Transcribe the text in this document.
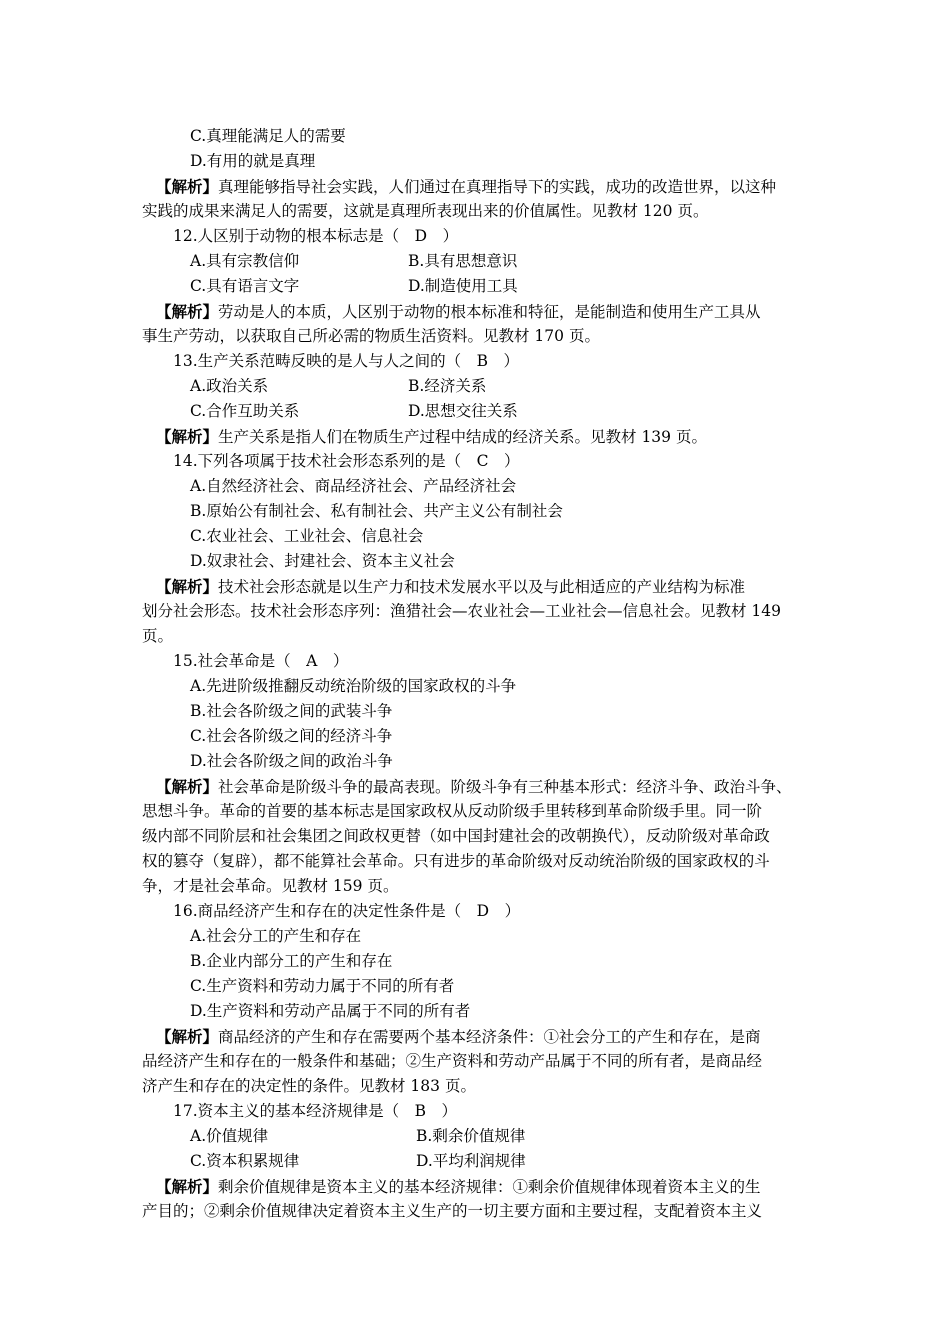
C.真理能满足人的需要
D.有用的就是真理
【解析】真理能够指导社会实践，人们通过在真理指导下的实践，成功的改造世界，以这种
实践的成果来满足人的需要，这就是真理所表现出来的价值属性。见教材 120 页。
12.人区别于动物的根本标志是（　D　）
A.具有宗教信仰	B.具有思想意识
C.具有语言文字	D.制造使用工具
【解析】劳动是人的本质，人区别于动物的根本标准和特征，是能制造和使用生产工具从
事生产劳动，以获取自己所必需的物质生活资料。见教材 170 页。
13.生产关系范畴反映的是人与人之间的（　B　）
A.政治关系	B.经济关系
C.合作互助关系	D.思想交往关系
【解析】生产关系是指人们在物质生产过程中结成的经济关系。见教材 139 页。
14.下列各项属于技术社会形态系列的是（　C　）
A.自然经济社会、商品经济社会、产品经济社会
B.原始公有制社会、私有制社会、共产主义公有制社会
C.农业社会、工业社会、信息社会
D.奴隶社会、封建社会、资本主义社会
【解析】技术社会形态就是以生产力和技术发展水平以及与此相适应的产业结构为标准
划分社会形态。技术社会形态序列：渔猎社会—农业社会—工业社会—信息社会。见教材 149
页。
15.社会革命是（　A　）
A.先进阶级推翻反动统治阶级的国家政权的斗争
B.社会各阶级之间的武装斗争
C.社会各阶级之间的经济斗争
D.社会各阶级之间的政治斗争
【解析】社会革命是阶级斗争的最高表现。阶级斗争有三种基本形式：经济斗争、政治斗争、
思想斗争。革命的首要的基本标志是国家政权从反动阶级手里转移到革命阶级手里。同一阶
级内部不同阶层和社会集团之间政权更替（如中国封建社会的改朝换代），反动阶级对革命政
权的篡夺（复辟），都不能算社会革命。只有进步的革命阶级对反动统治阶级的国家政权的斗
争，才是社会革命。见教材 159 页。
16.商品经济产生和存在的决定性条件是（　D　）
A.社会分工的产生和存在
B.企业内部分工的产生和存在
C.生产资料和劳动力属于不同的所有者
D.生产资料和劳动产品属于不同的所有者
【解析】商品经济的产生和存在需要两个基本经济条件：①社会分工的产生和存在，是商
品经济产生和存在的一般条件和基础；②生产资料和劳动产品属于不同的所有者，是商品经
济产生和存在的决定性的条件。见教材 183 页。
17.资本主义的基本经济规律是（　B　）
A.价值规律	B.剩余价值规律
C.资本积累规律	D.平均利润规律
【解析】剩余价值规律是资本主义的基本经济规律：①剩余价值规律体现着资本主义的生
产目的；②剩余价值规律决定着资本主义生产的一切主要方面和主要过程，支配着资本主义
